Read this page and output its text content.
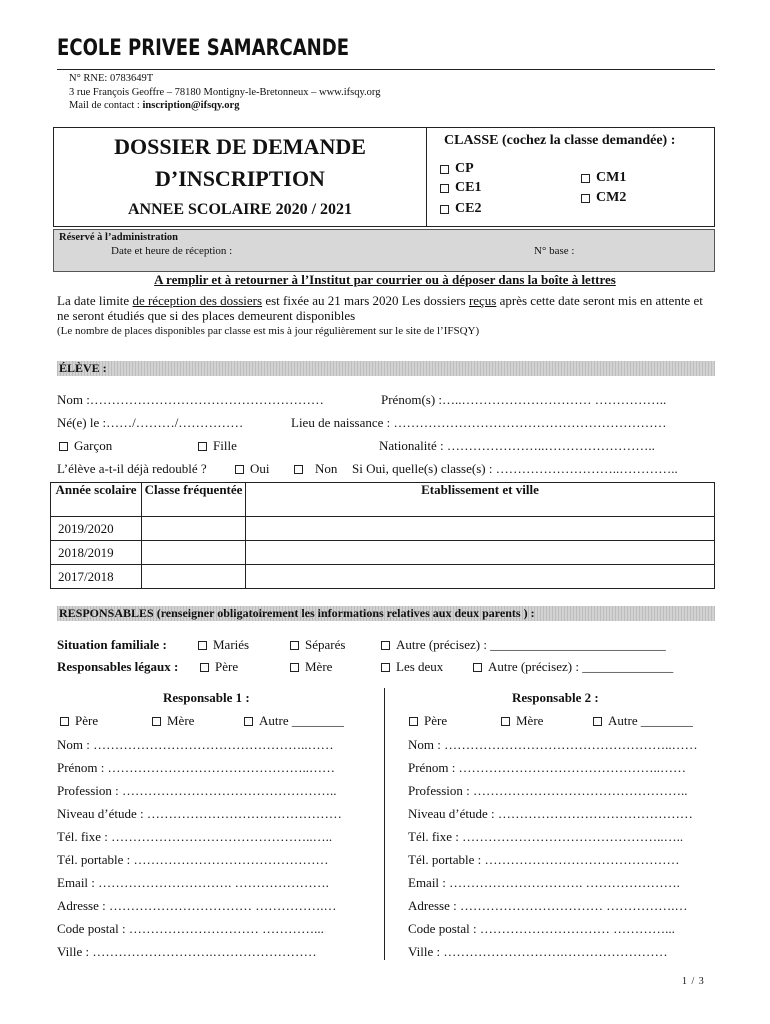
ECOLE PRIVEE SAMARCANDE
N° RNE: 0783649T
3 rue François Geoffre – 78180 Montigny-le-Bretonneux – www.ifsqy.org
Mail de contact : inscription@ifsqy.org
DOSSIER DE DEMANDE
D’INSCRIPTION
ANNEE SCOLAIRE 2020 / 2021
CLASSE (cochez la classe demandée) :
CP
CE1
CE2
CM1
CM2
Réservé à l’administration
Date et heure de réception :	N° base :
A remplir et à retourner à l’Institut par courrier ou à déposer dans la boîte à lettres
La date limite de réception des dossiers est fixée au 21 mars 2020 Les dossiers reçus après cette date seront mis en attente et ne seront étudiés que si des places demeurent disponibles
(Le nombre de places disponibles par classe est mis à jour régulièrement sur le site de l’IFSQY)
ÉLÈVE :
Nom :………………………………………………	Prénom(s) :…..………………………… ……………..
Né(e) le :……/………/……………	Lieu de naissance : ………………………………………………………
Garçon	Fille	Nationalité : …………………..……………………..
L’élève a-t-il déjà redoublé ?	Oui	Non Si Oui, quelle(s) classe(s) : ………………………..…………..
Année scolaire	Classe fréquentée	Etablissement et ville
2019/2020		
2018/2019		
2017/2018		
RESPONSABLES (renseigner obligatoirement les informations relatives aux deux parents ) :
Situation familiale :	Mariés	Séparés	Autre (précisez) : ___________________________
Responsables légaux :	Père	Mère	Les deux	Autre (précisez) : ______________
Responsable 1 :
Père	Mère	Autre ________
Nom : …………………………………………..……
Prénom : ………………………………………..……
Profession : …………………………………………..
Niveau d’étude : ………………………………………
Tél. fixe : ………………………………………..…..
Tél. portable : ………………………………………
Email : …………………………. ………………….
Adresse : …………………………… …………….…
Code postal : ………………………… …………...
Ville : ……………………….……………………
Responsable 2 :
Père	Mère	Autre ________
Nom : ……………………………………………..……
Prénom : ………………………………………..……
Profession : …………………………………………..
Niveau d’étude : ………………………………………
Tél. fixe : ………………………………………..…..
Tél. portable : ………………………………………
Email : …………………………. ………………….
Adresse : …………………………… …………….…
Code postal : ………………………… …………...
Ville : ……………………….……………………
1 / 3
